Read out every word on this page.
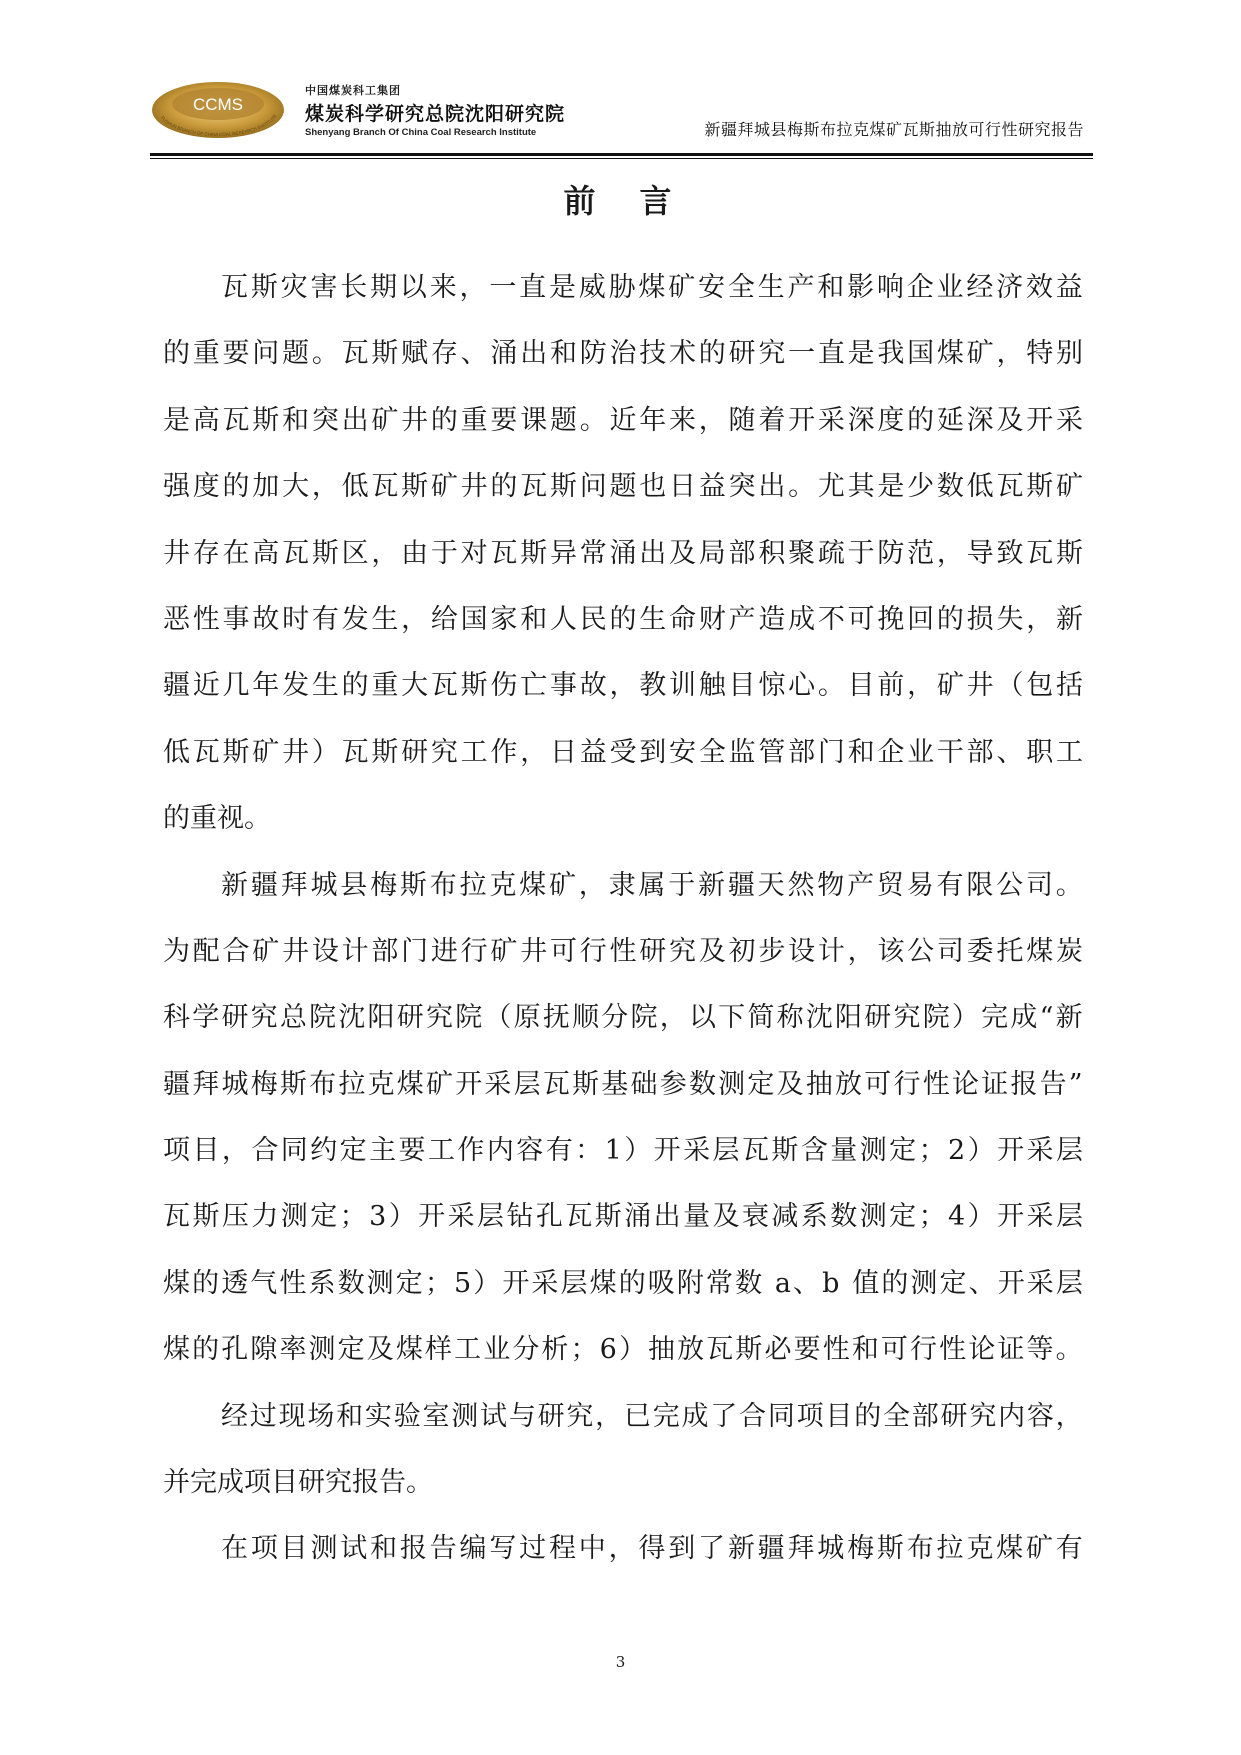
CCMS
FUSHUN BRANCH OF CHINA COAL RESEARCH INSTITUTE
中国煤炭科工集团
煤炭科学研究总院沈阳研究院
Shenyang Branch Of China Coal Research Institute	新疆拜城县梅斯布拉克煤矿瓦斯抽放可行性研究报告
前　言
瓦 斯 灾 害 长 期 以 来 ， 一 直 是 威 胁 煤 矿 安 全 生 产 和 影 响 企 业 经 济 效 益
的 重 要 问 题 。 瓦 斯 赋 存 、 涌 出 和 防 治 技 术 的 研 究 一 直 是 我 国 煤 矿 ， 特 别
是 高 瓦 斯 和 突 出 矿 井 的 重 要 课 题 。 近 年 来 ， 随 着 开 采 深 度 的 延 深 及 开 采
强 度 的 加 大 ， 低 瓦 斯 矿 井 的 瓦 斯 问 题 也 日 益 突 出 。 尤 其 是 少 数 低 瓦 斯 矿
井 存 在 高 瓦 斯 区 ， 由 于 对 瓦 斯 异 常 涌 出 及 局 部 积 聚 疏 于 防 范 ， 导 致 瓦 斯
恶 性 事 故 时 有 发 生 ， 给 国 家 和 人 民 的 生 命 财 产 造 成 不 可 挽 回 的 损 失 ， 新
疆 近 几 年 发 生 的 重 大 瓦 斯 伤 亡 事 故 ， 教 训 触 目 惊 心 。 目 前 ， 矿 井 （ 包 括
低 瓦 斯 矿 井 ） 瓦 斯 研 究 工 作 ， 日 益 受 到 安 全 监 管 部 门 和 企 业 干 部 、 职 工
的重视。
新 疆 拜 城 县 梅 斯 布 拉 克 煤 矿 ， 隶 属 于 新 疆 天 然 物 产 贸 易 有 限 公 司 。
为 配 合 矿 井 设 计 部 门 进 行 矿 井 可 行 性 研 究 及 初 步 设 计 ， 该 公 司 委 托 煤 炭
科 学 研 究 总 院 沈 阳 研 究 院 （ 原 抚 顺 分 院 ， 以 下 简 称 沈 阳 研 究 院 ） 完 成 “ 新
疆 拜 城 梅 斯 布 拉 克 煤 矿 开 采 层 瓦 斯 基 础 参 数 测 定 及 抽 放 可 行 性 论 证 报 告 ”
项 目 ， 合 同 约 定 主 要 工 作 内 容 有 ： 1 ） 开 采 层 瓦 斯 含 量 测 定 ； 2 ） 开 采 层
瓦 斯 压 力 测 定 ； 3 ） 开 采 层 钻 孔 瓦 斯 涌 出 量 及 衰 减 系 数 测 定 ； 4 ） 开 采 层
煤 的 透 气 性 系 数 测 定 ； 5 ） 开 采 层 煤 的 吸 附 常 数
a 、 b
值 的 测 定 、 开 采 层
煤 的 孔 隙 率 测 定 及 煤 样 工 业 分 析 ； 6 ） 抽 放 瓦 斯 必 要 性 和 可 行 性 论 证 等 。
经 过 现 场 和 实 验 室 测 试 与 研 究 ， 已 完 成 了 合 同 项 目 的 全 部 研 究 内 容 ，
并完成项目研究报告。
在 项 目 测 试 和 报 告 编 写 过 程 中 ， 得 到 了 新 疆 拜 城 梅 斯 布 拉 克 煤 矿 有
3
